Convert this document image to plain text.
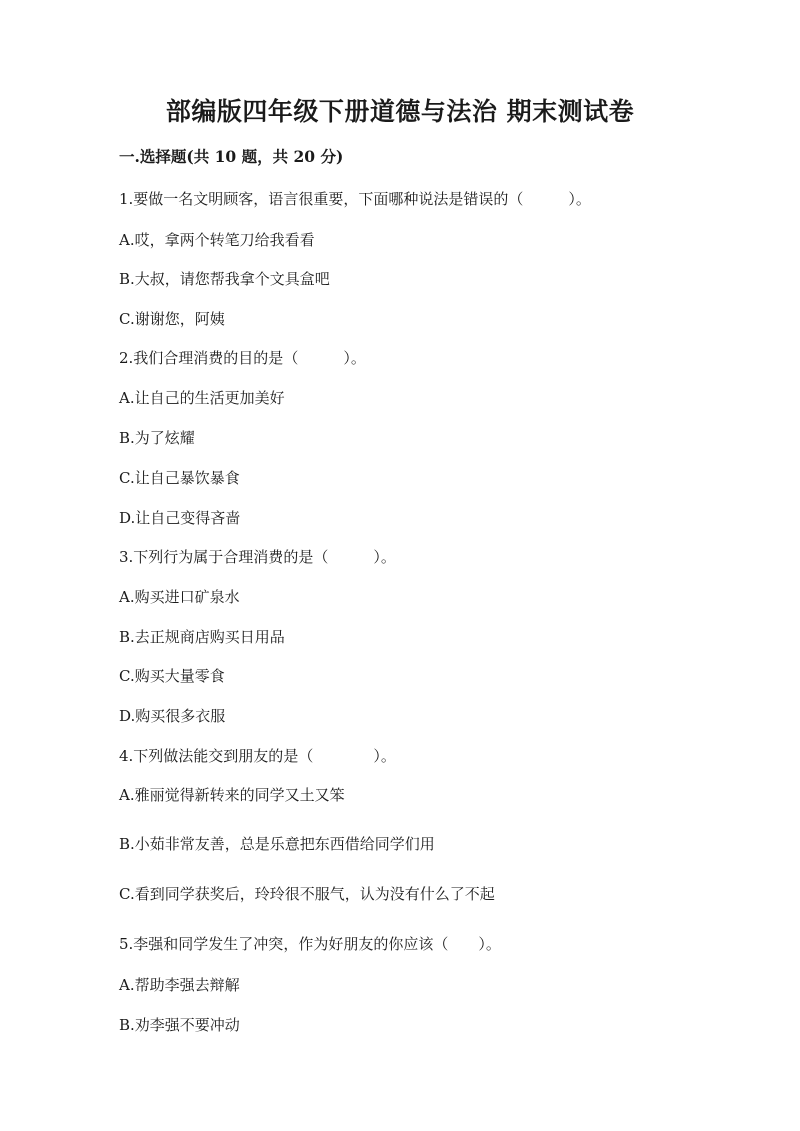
部编版四年级下册道德与法治 期末测试卷
一.选择题(共 10 题，共 20 分)
1.要做一名文明顾客，语言很重要，下面哪种说法是错误的（　　　）。
A.哎，拿两个转笔刀给我看看
B.大叔，请您帮我拿个文具盒吧
C.谢谢您，阿姨
2.我们合理消费的目的是（　　　）。
A.让自己的生活更加美好
B.为了炫耀
C.让自己暴饮暴食
D.让自己变得吝啬
3.下列行为属于合理消费的是（　　　）。
A.购买进口矿泉水
B.去正规商店购买日用品
C.购买大量零食
D.购买很多衣服
4.下列做法能交到朋友的是（　　　　）。
A.雅丽觉得新转来的同学又土又笨
B.小茹非常友善，总是乐意把东西借给同学们用
C.看到同学获奖后，玲玲很不服气，认为没有什么了不起
5.李强和同学发生了冲突，作为好朋友的你应该（　　）。
A.帮助李强去辩解
B.劝李强不要冲动
